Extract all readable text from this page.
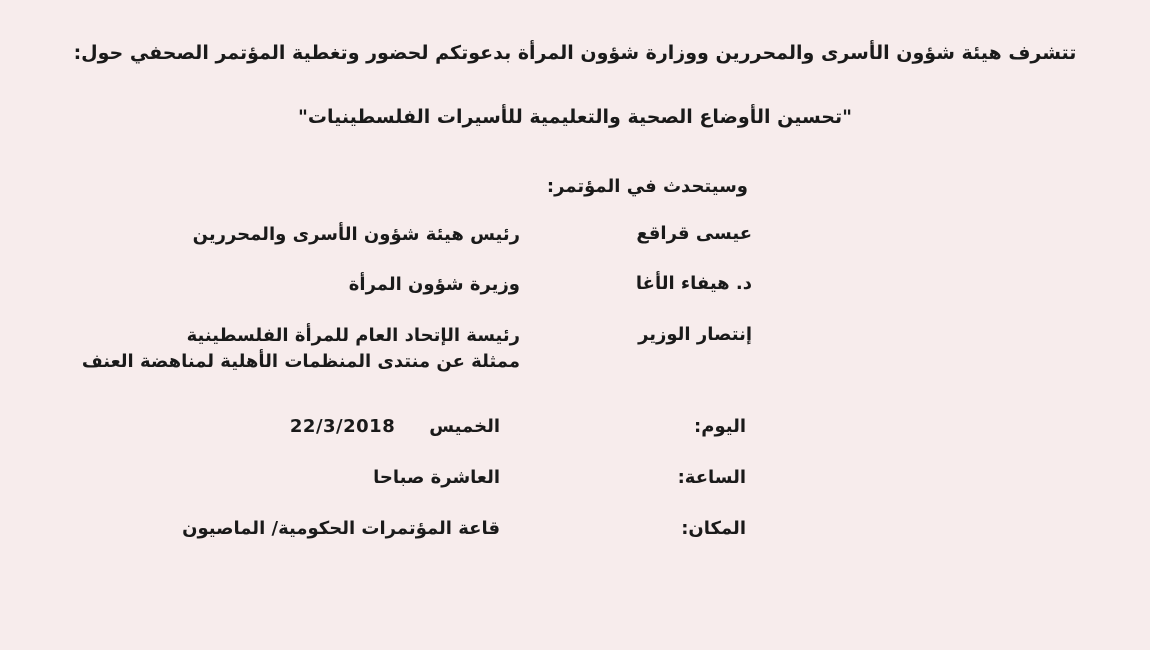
تتشرف هيئة شؤون الأسرى والمحررين ووزارة شؤون المرأة بدعوتكم لحضور وتغطية المؤتمر الصحفي حول:
"تحسين الأوضاع الصحية والتعليمية للأسيرات الفلسطينيات"
وسيتحدث في المؤتمر:
عيسى قراقع
رئيس هيئة شؤون الأسرى والمحررين
د. هيفاء الأغا
وزيرة شؤون المرأة
إنتصار الوزير
رئيسة الإتحاد العام للمرأة الفلسطينية
ممثلة عن منتدى المنظمات الأهلية لمناهضة العنف
اليوم:
الخميس22/3/2018
الساعة:
العاشرة صباحا
المكان:
قاعة المؤتمرات الحكومية/ الماصيون
